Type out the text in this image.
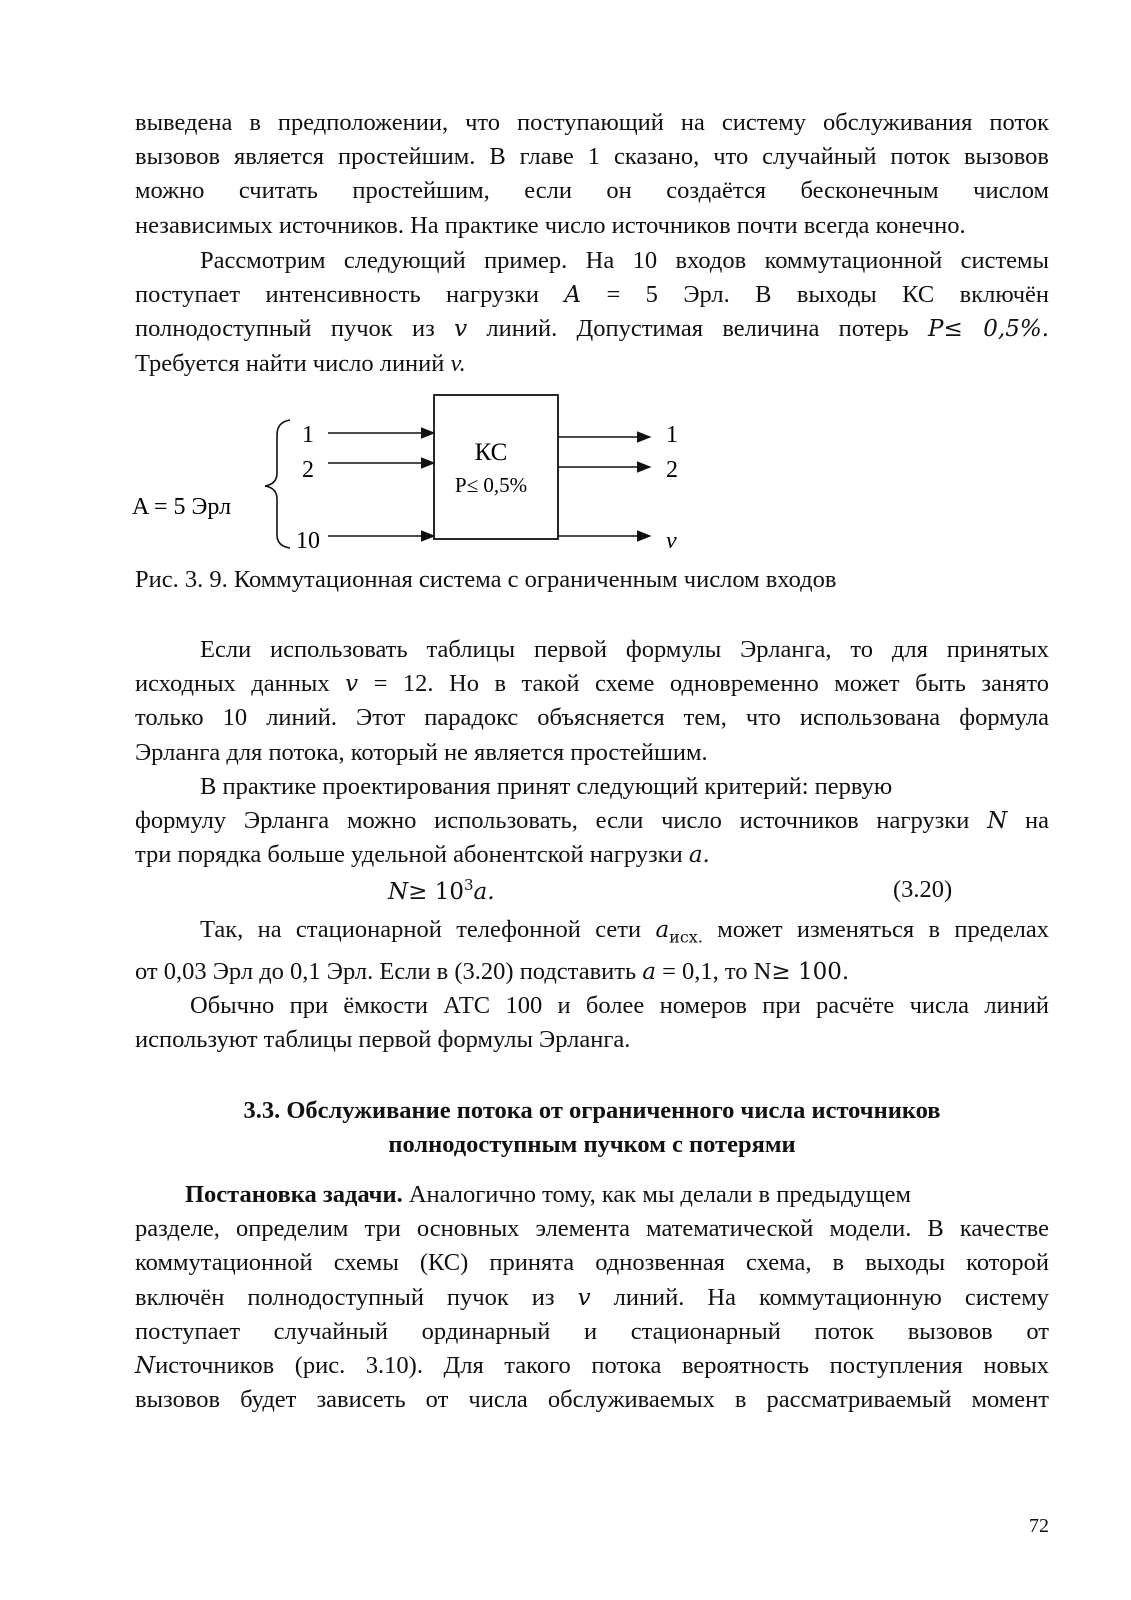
выведена в предположении, что поступающий на систему обслуживания поток

вызовов является простейшим. В главе 1 сказано, что случайный поток вызовов

можно считать простейшим, если он создаётся бесконечным числом

независимых источников. На практике число источников почти всегда конечно.

Рассмотрим следующий пример. На 10 входов коммутационной системы

поступает интенсивность нагрузки A = 5 Эрл. В выходы КС включён

полнодоступный пучок из v линий. Допустимая величина потерь P≤ 0,5%.

Требуется найти число линий v.

A = 5 Эрл
1
2
10
КС
P≤ 0,5%
1
2
v
Рис. 3. 9. Коммутационная система с ограниченным числом входов

Если использовать таблицы первой формулы Эрланга, то для принятых

исходных данных v = 12. Но в такой схеме одновременно может быть занято

только 10 линий. Этот парадокс объясняется тем, что использована формула

Эрланга для потока, который не является простейшим.

В практике проектирования принят следующий критерий: первую

формулу Эрланга можно использовать, если число источников нагрузки N на

три порядка больше удельной абонентской нагрузки a.

$N\ge 10^3a$.	(3.20)

Так, на стационарной телефонной сети $a_{исх.}$ может изменяться в пределах

от 0,03 Эрл до 0,1 Эрл. Если в (3.20) подставить a = 0,1, то N≥ 100.

Обычно при ёмкости АТС 100 и более номеров при расчёте числа линий

используют таблицы первой формулы Эрланга.

3.3. Обслуживание потока от ограниченного числа источников
полнодоступным пучком с потерями

Постановка задачи. Аналогично тому, как мы делали в предыдущем

разделе, определим три основных элемента математической модели. В качестве

коммутационной схемы (КС) принята однозвенная схема, в выходы которой

включён полнодоступный пучок из v линий. На коммутационную систему

поступает случайный ординарный и стационарный поток вызовов от

Nисточников (рис. 3.10). Для такого потока вероятность поступления новых

вызовов будет зависеть от числа обслуживаемых в рассматриваемый момент

72
